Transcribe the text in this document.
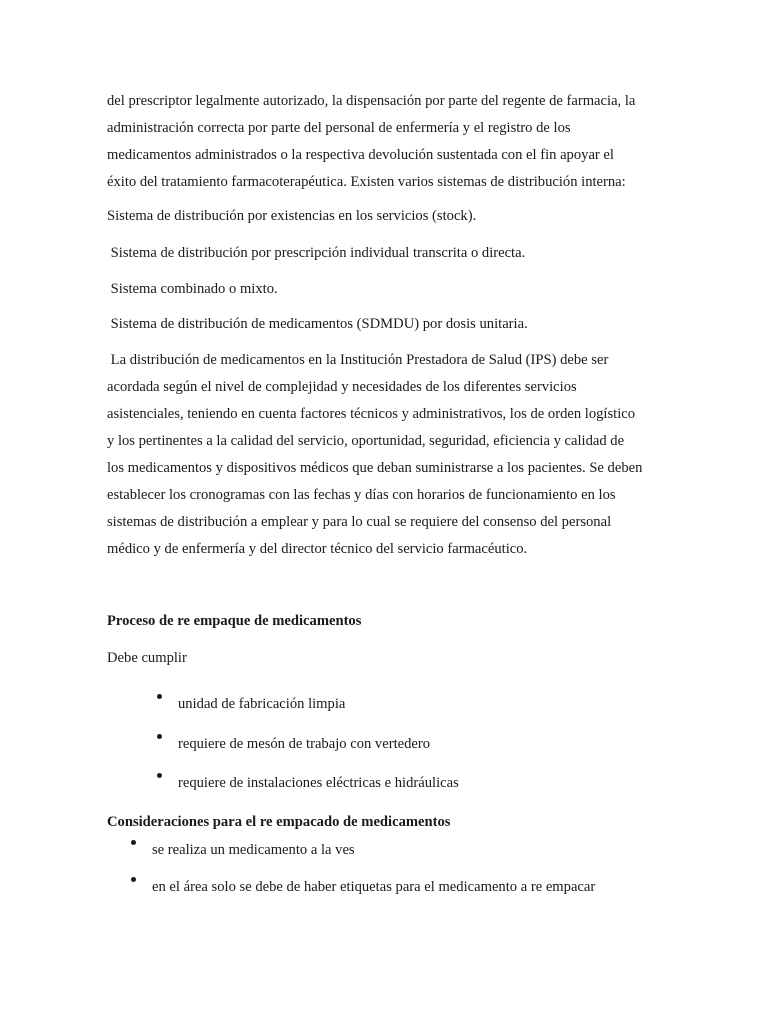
del prescriptor legalmente autorizado, la dispensación por parte del regente de farmacia, la
administración correcta por parte del personal de enfermería y el registro de los
medicamentos administrados o la respectiva devolución sustentada con el fin apoyar el
éxito del tratamiento farmacoterapéutica. Existen varios sistemas de distribución interna:
Sistema de distribución por existencias en los servicios (stock).
Sistema de distribución por prescripción individual transcrita o directa.
Sistema combinado o mixto.
Sistema de distribución de medicamentos (SDMDU) por dosis unitaria.
La distribución de medicamentos en la Institución Prestadora de Salud (IPS) debe ser
acordada según el nivel de complejidad y necesidades de los diferentes servicios
asistenciales, teniendo en cuenta factores técnicos y administrativos, los de orden logístico
y los pertinentes a la calidad del servicio, oportunidad, seguridad, eficiencia y calidad de
los medicamentos y dispositivos médicos que deban suministrarse a los pacientes. Se deben
establecer los cronogramas con las fechas y días con horarios de funcionamiento en los
sistemas de distribución a emplear y para lo cual se requiere del consenso del personal
médico y de enfermería y del director técnico del servicio farmacéutico.
Proceso de re empaque de medicamentos
Debe cumplir
unidad de fabricación limpia
requiere de mesón de trabajo con vertedero
requiere de instalaciones eléctricas e hidráulicas
Consideraciones para el re empacado de medicamentos
se realiza un medicamento a la ves
en el área solo se debe de haber etiquetas para el medicamento a re empacar
